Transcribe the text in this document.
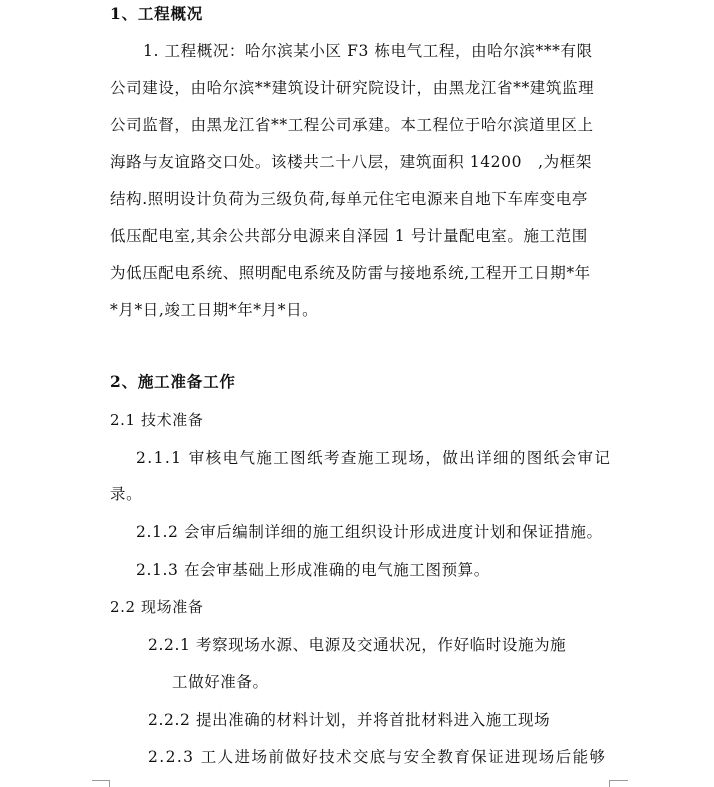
1、工程概况
1. 工程概况：哈尔滨某小区 F3 栋电气工程，由哈尔滨***有限
公司建设，由哈尔滨**建筑设计研究院设计，由黑龙江省**建筑监理
公司监督，由黑龙江省**工程公司承建。本工程位于哈尔滨道里区上
海路与友谊路交口处。该楼共二十八层，建筑面积 14200　,为框架
结构.照明设计负荷为三级负荷,每单元住宅电源来自地下车库变电亭
低压配电室,其余公共部分电源来自泽园 1 号计量配电室。施工范围
为低压配电系统、照明配电系统及防雷与接地系统,工程开工日期*年
*月*日,竣工日期*年*月*日。
2、施工准备工作
2.1 技术准备
2.1.1 审核电气施工图纸考查施工现场，做出详细的图纸会审记
录。
2.1.2 会审后编制详细的施工组织设计形成进度计划和保证措施。
2.1.3 在会审基础上形成准确的电气施工图预算。
2.2 现场准备
2.2.1 考察现场水源、电源及交通状况，作好临时设施为施
工做好准备。
2.2.2 提出准确的材料计划，并将首批材料进入施工现场
2.2.3 工人进场前做好技术交底与安全教育保证进现场后能够
